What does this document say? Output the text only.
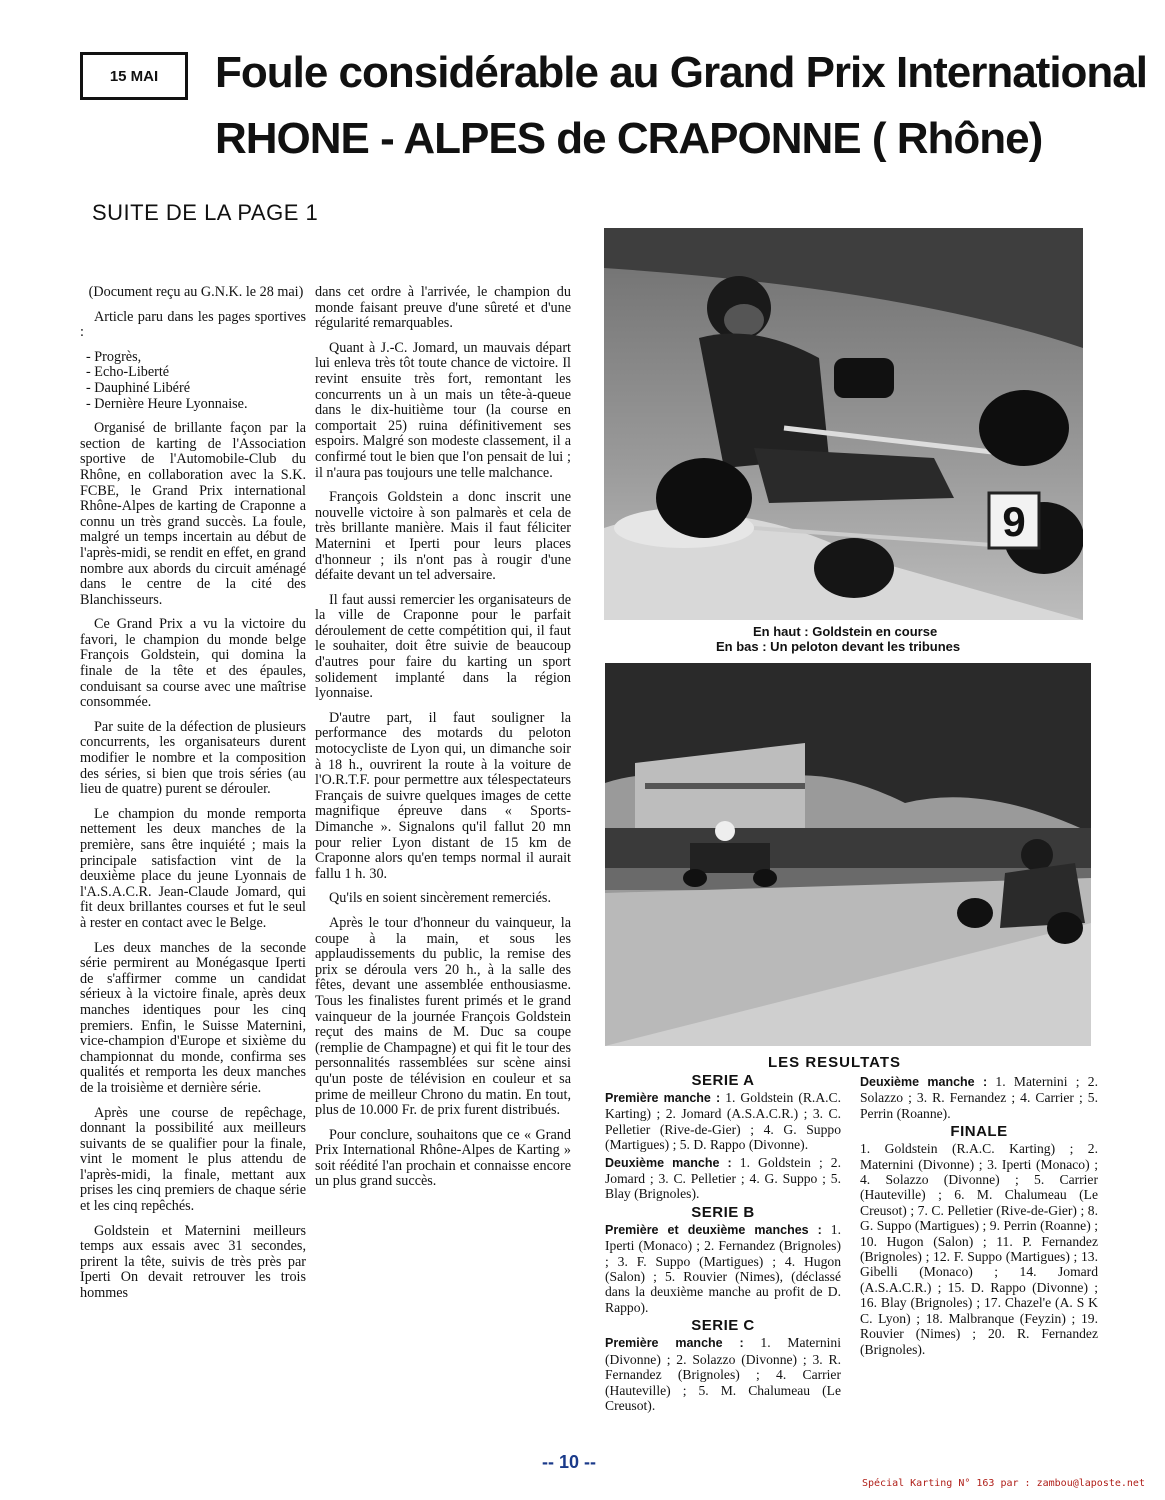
15 MAI Foule considérable au Grand Prix International
RHONE - ALPES de CRAPONNE ( Rhône)
SUITE DE LA PAGE 1

(Document reçu au G.N.K. le 28 mai)

Article paru dans les pages sportives :

- Progrès,
- Echo-Liberté
- Dauphiné Libéré
- Dernière Heure Lyonnaise.

Organisé de brillante façon par la section de karting de l'Association sportive de l'Automobile-Club du Rhône, en collaboration avec la S.K. FCBE, le Grand Prix international Rhône-Alpes de karting de Craponne a connu un très grand succès. La foule, malgré un temps incertain au début de l'après-midi, se rendit en effet, en grand nombre aux abords du circuit aménagé dans le centre de la cité des Blanchisseurs.

Ce Grand Prix a vu la victoire du favori, le champion du monde belge François Goldstein, qui domina la finale de la tête et des épaules, conduisant sa course avec une maîtrise consommée.

Par suite de la défection de plusieurs concurrents, les organisateurs durent modifier le nombre et la composition des séries, si bien que trois séries (au lieu de quatre) purent se dérouler.

Le champion du monde remporta nettement les deux manches de la première, sans être inquiété ; mais la principale satisfaction vint de la deuxième place du jeune Lyonnais de l'A.S.A.C.R. Jean-Claude Jomard, qui fit deux brillantes courses et fut le seul à rester en contact avec le Belge.

Les deux manches de la seconde série permirent au Monégasque Iperti de s'affirmer comme un candidat sérieux à la victoire finale, après deux manches identiques pour les cinq premiers. Enfin, le Suisse Maternini, vice-champion d'Europe et sixième du championnat du monde, confirma ses qualités et remporta les deux manches de la troisième et dernière série.

Après une course de repêchage, donnant la possibilité aux meilleurs suivants de se qualifier pour la finale, vint le moment le plus attendu de l'après-midi, la finale, mettant aux prises les cinq premiers de chaque série et les cinq repêchés.

Goldstein et Maternini meilleurs temps aux essais avec 31 secondes, prirent la tête, suivis de très près par Iperti On devait retrouver les trois hommes

dans cet ordre à l'arrivée, le champion du monde faisant preuve d'une sûreté et d'une régularité remarquables.

Quant à J.-C. Jomard, un mauvais départ lui enleva très tôt toute chance de victoire. Il revint ensuite très fort, remontant les concurrents un à un mais un tête-à-queue dans le dix-huitième tour (la course en comportait 25) ruina définitivement ses espoirs. Malgré son modeste classement, il a confirmé tout le bien que l'on pensait de lui ; il n'aura pas toujours une telle malchance.

François Goldstein a donc inscrit une nouvelle victoire à son palmarès et cela de très brillante manière. Mais il faut féliciter Maternini et Iperti pour leurs places d'honneur ; ils n'ont pas à rougir d'une défaite devant un tel adversaire.

Il faut aussi remercier les organisateurs de la ville de Craponne pour le parfait déroulement de cette compétition qui, il faut le souhaiter, doit être suivie de beaucoup d'autres pour faire du karting un sport solidement implanté dans la région lyonnaise.

D'autre part, il faut souligner la performance des motards du peloton motocycliste de Lyon qui, un dimanche soir à 18 h., ouvrirent la route à la voiture de l'O.R.T.F. pour permettre aux télespectateurs Français de suivre quelques images de cette magnifique épreuve dans « Sports-Dimanche ». Signalons qu'il fallut 20 mn pour relier Lyon distant de 15 km de Craponne alors qu'en temps normal il aurait fallu 1 h. 30.

Qu'ils en soient sincèrement remerciés.

Après le tour d'honneur du vainqueur, la coupe à la main, et sous les applaudissements du public, la remise des prix se déroula vers 20 h., à la salle des fêtes, devant une assemblée enthousiasme. Tous les finalistes furent primés et le grand vainqueur de la journée François Goldstein reçut des mains de M. Duc sa coupe (remplie de Champagne) et qui fit le tour des personnalités rassemblées sur scène ainsi qu'un poste de télévision en couleur et sa prime de meilleur Chrono du matin. En tout, plus de 10.000 Fr. de prix furent distribués.

Pour conclure, souhaitons que ce « Grand Prix International Rhône-Alpes de Karting » soit réédité l'an prochain et connaisse encore un plus grand succès.

9
En haut : Goldstein en course
En bas : Un peloton devant les tribunes
LES RESULTATS
SERIE A

Première manche : 1. Goldstein (R.A.C. Karting) ; 2. Jomard (A.S.A.C.R.) ; 3. C. Pelletier (Rive-de-Gier) ; 4. G. Suppo (Martigues) ; 5. D. Rappo (Divonne).

Deuxième manche : 1. Goldstein ; 2. Jomard ; 3. C. Pelletier ; 4. G. Suppo ; 5. Blay (Brignoles).

SERIE B

Première et deuxième manches : 1. Iperti (Monaco) ; 2. Fernandez (Brignoles) ; 3. F. Suppo (Martigues) ; 4. Hugon (Salon) ; 5. Rouvier (Nimes), (déclassé dans la deuxième manche au profit de D. Rappo).

SERIE C

Première manche : 1. Maternini (Divonne) ; 2. Solazzo (Divonne) ; 3. R. Fernandez (Brignoles) ; 4. Carrier (Hauteville) ; 5. M. Chalumeau (Le Creusot).

Deuxième manche : 1. Maternini ; 2. Solazzo ; 3. R. Fernandez ; 4. Carrier ; 5. Perrin (Roanne).

FINALE

1. Goldstein (R.A.C. Karting) ; 2. Maternini (Divonne) ; 3. Iperti (Monaco) ; 4. Solazzo (Divonne) ; 5. Carrier (Hauteville) ; 6. M. Chalumeau (Le Creusot) ; 7. C. Pelletier (Rive-de-Gier) ; 8. G. Suppo (Martigues) ; 9. Perrin (Roanne) ; 10. Hugon (Salon) ; 11. P. Fernandez (Brignoles) ; 12. F. Suppo (Martigues) ; 13. Gibelli (Monaco) ; 14. Jomard (A.S.A.C.R.) ; 15. D. Rappo (Divonne) ; 16. Blay (Brignoles) ; 17. Chazel'e (A. S K C. Lyon) ; 18. Malbranque (Feyzin) ; 19. Rouvier (Nimes) ; 20. R. Fernandez (Brignoles).

-- 10 --
Spécial Karting N° 163 par : zambou@laposte.net
